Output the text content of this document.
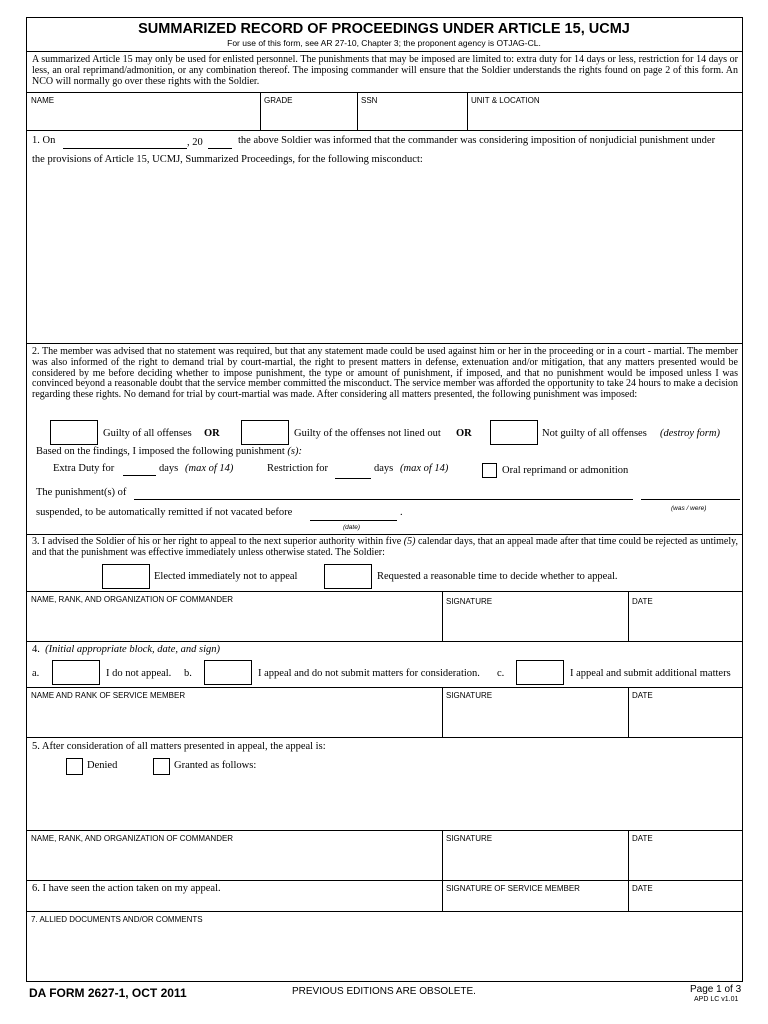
SUMMARIZED RECORD OF PROCEEDINGS UNDER ARTICLE 15, UCMJ
For use of this form, see AR 27-10, Chapter 3; the proponent agency is OTJAG-CL.
A summarized Article 15 may only be used for enlisted personnel. The punishments that may be imposed are limited to: extra duty for 14 days or less, restriction for 14 days or less, an oral reprimand/admonition, or any combination thereof. The imposing commander will ensure that the Soldier understands the rights found on page 2 of this form. An NCO will normally go over these rights with the Soldier.
NAME	GRADE	SSN	UNIT & LOCATION
1. On	, 20	the above Soldier was informed that the commander was considering imposition of nonjudicial punishment under
the provisions of Article 15, UCMJ, Summarized Proceedings, for the following misconduct:
2. The member was advised that no statement was required, but that any statement made could be used against him or her in the proceeding or in a court - martial. The member was also informed of the right to demand trial by court-martial, the right to present matters in defense, extenuation and/or mitigation, that any matters presented would be considered by me before deciding whether to impose punishment, the type or amount of punishment, if imposed, and that no punishment would be imposed unless I was convinced beyond a reasonable doubt that the service member committed the misconduct. The service member was afforded the opportunity to take 24 hours to make a decision regarding these rights. No demand for trial by court-martial was made. After considering all matters presented, the following punishment was imposed:
Guilty of all offenses OR	Guilty of the offenses not lined out OR	Not guilty of all offenses (destroy form)
Based on the findings, I imposed the following punishment (s):
Extra Duty for	days (max of 14)	Restriction for	days (max of 14)	Oral reprimand or admonition
The punishment(s) of
(was / were)
suspended, to be automatically remitted if not vacated before	.
(date)
3. I advised the Soldier of his or her right to appeal to the next superior authority within five (5) calendar days, that an appeal made after that time could be rejected as untimely, and that the punishment was effective immediately unless otherwise stated. The Soldier:
Elected immediately not to appeal	Requested a reasonable time to decide whether to appeal.
NAME, RANK, AND ORGANIZATION OF COMMANDER	SIGNATURE	DATE
4. (Initial appropriate block, date, and sign)
a.	I do not appeal. b.	I appeal and do not submit matters for consideration. c.	I appeal and submit additional matters
NAME AND RANK OF SERVICE MEMBER	SIGNATURE	DATE
5. After consideration of all matters presented in appeal, the appeal is:
Denied	Granted as follows:
NAME, RANK, AND ORGANIZATION OF COMMANDER	SIGNATURE	DATE
6. I have seen the action taken on my appeal.	SIGNATURE OF SERVICE MEMBER	DATE
7. ALLIED DOCUMENTS AND/OR COMMENTS
DA FORM 2627-1, OCT 2011	PREVIOUS EDITIONS ARE OBSOLETE.	Page 1 of 3
APD LC v1.01
